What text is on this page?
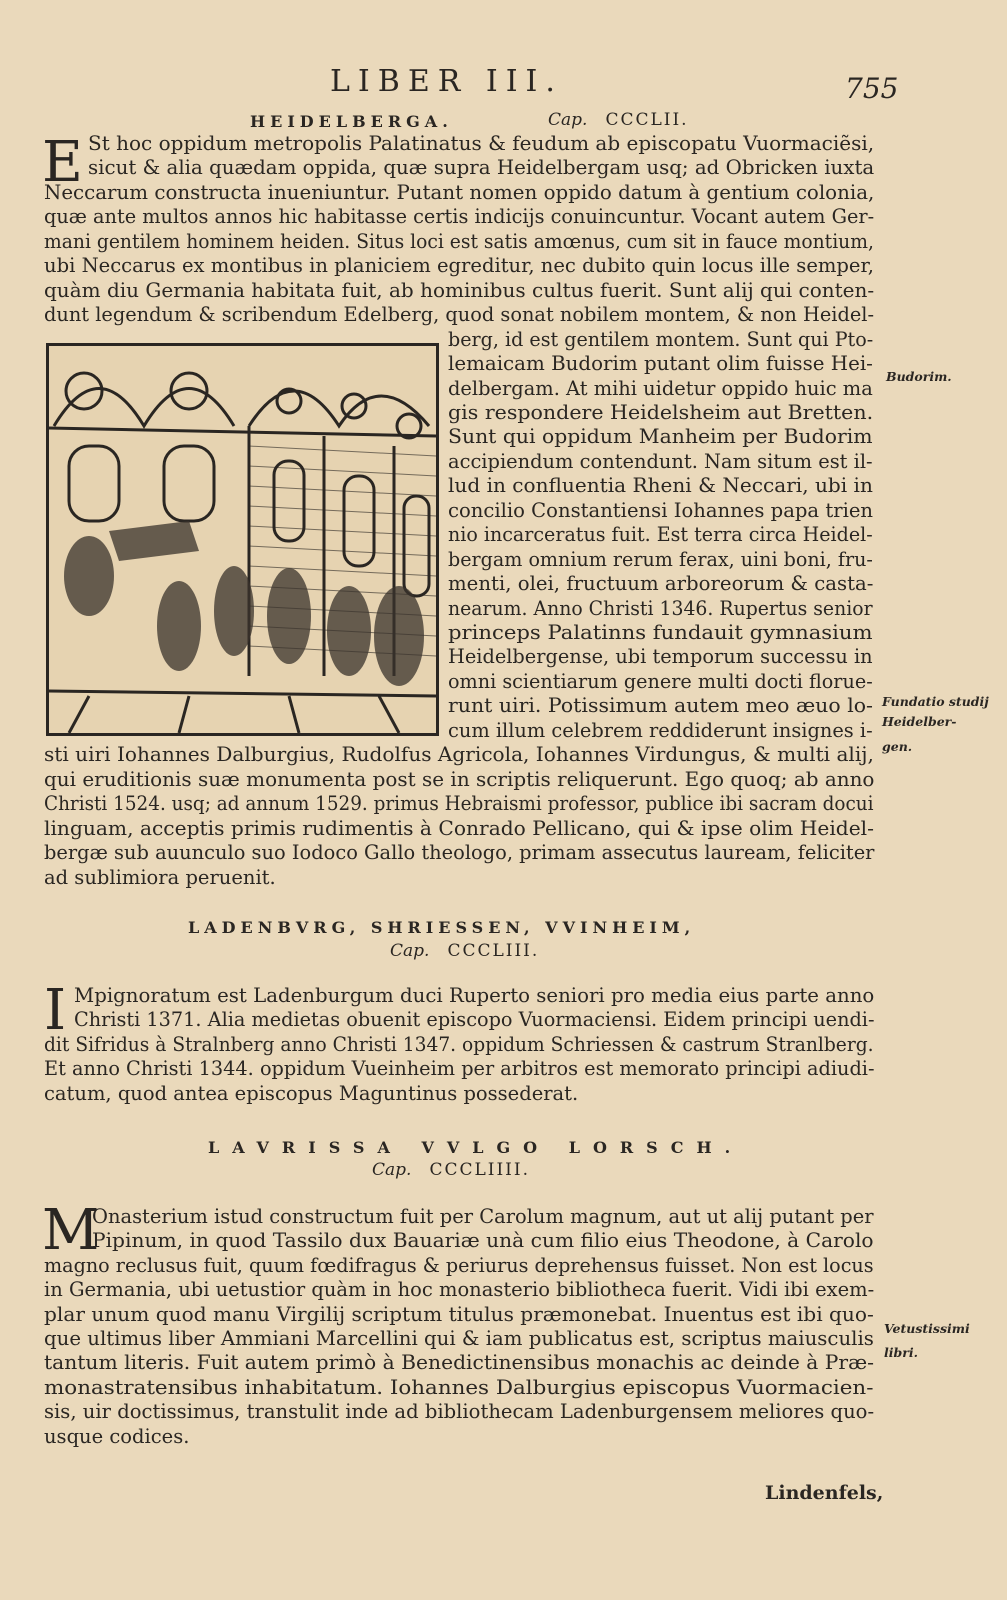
LIBER III.	755
HEIDELBERGA.	Cap. CCCLII.
E St hoc oppidum metropolis Palatinatus & feudum ab episcopatu Vuormaciẽsi,
sicut & alia quædam oppida, quæ supra Heidelbergam usq; ad Obricken iuxta
Neccarum constructa inueniuntur. Putant nomen oppido datum à gentium colonia,
quæ ante multos annos hic habitasse certis indicijs conuincuntur. Vocant autem Ger-
mani gentilem hominem heiden. Situs loci est satis amœnus, cum sit in fauce montium,
ubi Neccarus ex montibus in planiciem egreditur, nec dubito quin locus ille semper,
quàm diu Germania habitata fuit, ab hominibus cultus fuerit. Sunt alij qui conten-
dunt legendum & scribendum Edelberg, quod sonat nobilem montem, & non Heidel-
berg, id est gentilem montem. Sunt qui Pto-
lemaicam Budorim putant olim fuisse Hei-
delbergam. At mihi uidetur oppido huic ma
gis respondere Heidelsheim aut Bretten.
Sunt qui oppidum Manheim per Budorim
accipiendum contendunt. Nam situm est il-
lud in confluentia Rheni & Neccari, ubi in
concilio Constantiensi Iohannes papa trien
nio incarceratus fuit. Est terra circa Heidel-
bergam omnium rerum ferax, uini boni, fru-
menti, olei, fructuum arboreorum & casta-
nearum. Anno Christi 1346. Rupertus senior
princeps Palatinns fundauit gymnasium
Heidelbergense, ubi temporum successu in
omni scientiarum genere multi docti florue-
runt uiri. Potissimum autem meo æuo lo-
cum illum celebrem reddiderunt insignes i-
sti uiri Iohannes Dalburgius, Rudolfus Agricola, Iohannes Virdungus, & multi alij,
qui eruditionis suæ monumenta post se in scriptis reliquerunt. Ego quoq; ab anno
Christi 1524. usq; ad annum 1529. primus Hebraismi professor, publice ibi sacram docui
linguam, acceptis primis rudimentis à Conrado Pellicano, qui & ipse olim Heidel-
bergæ sub auunculo suo Iodoco Gallo theologo, primam assecutus lauream, feliciter
ad sublimiora peruenit.
Budorim.
Fundatio studij Heidelber-
gen.
LADENBVRG, SHRIESSEN, VVINHEIM,
Cap. CCCLIII.
I Mpignoratum est Ladenburgum duci Ruperto seniori pro media eius parte anno
Christi 1371. Alia medietas obuenit episcopo Vuormaciensi. Eidem principi uendi-
dit Sifridus à Stralnberg anno Christi 1347. oppidum Schriessen & castrum Stranlberg.
Et anno Christi 1344. oppidum Vueinheim per arbitros est memorato principi adiudi-
catum, quod antea episcopus Maguntinus possederat.
LAVRISSA VVLGO LORSCH.
Cap. CCCLIIII.
M
Onasterium istud constructum fuit per Carolum magnum, aut ut alij putant per
Pipinum, in quod Tassilo dux Bauariæ unà cum filio eius Theodone, à Carolo
magno reclusus fuit, quum fœdifragus & periurus deprehensus fuisset. Non est locus
in Germania, ubi uetustior quàm in hoc monasterio bibliotheca fuerit. Vidi ibi exem-
plar unum quod manu Virgilij scriptum titulus præmonebat. Inuentus est ibi quo-
que ultimus liber Ammiani Marcellini qui & iam publicatus est, scriptus maiusculis
tantum literis. Fuit autem primò à Benedictinensibus monachis ac deinde à Præ-
monastratensibus inhabitatum. Iohannes Dalburgius episcopus Vuormacien-
sis, uir doctissimus, transtulit inde ad bibliothecam Ladenburgensem meliores quo-
usque codices.
Vetustissimi
libri.
Lindenfels,
